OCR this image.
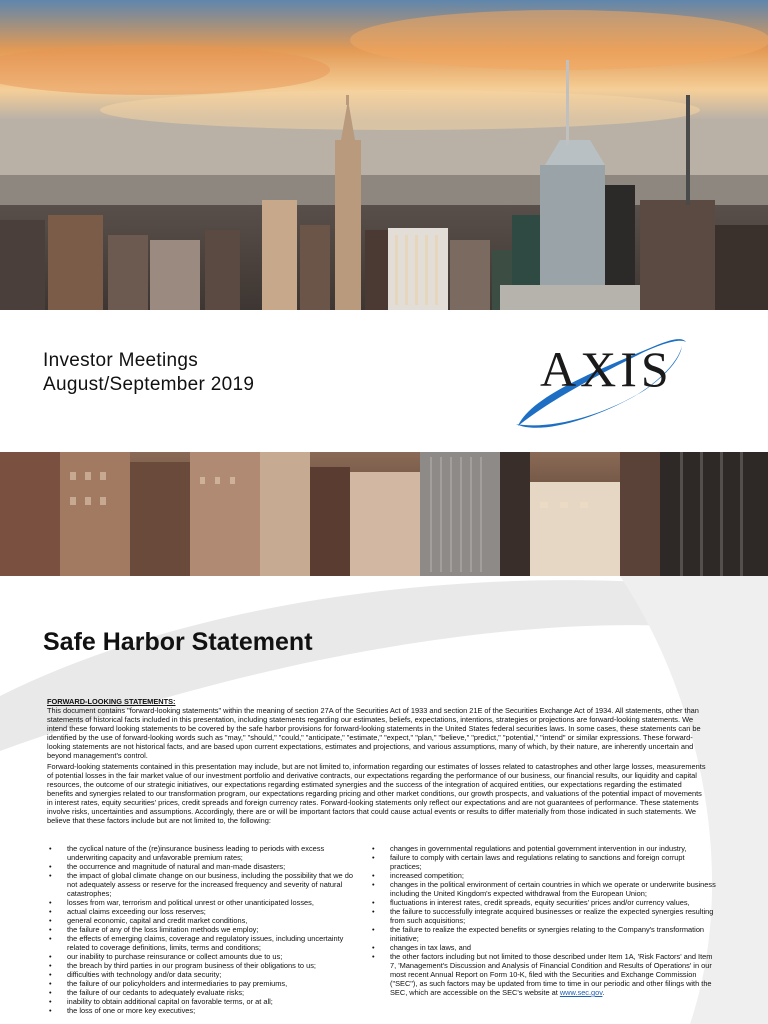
Investor Meetings
August/September 2019	AXIS
Safe Harbor Statement
FORWARD-LOOKING STATEMENTS:

This document contains "forward-looking statements" within the meaning of section 27A of the Securities Act of 1933 and section 21E of the Securities Exchange Act of 1934. All statements, other than statements of historical facts included in this presentation, including statements regarding our estimates, beliefs, expectations, intentions, strategies or projections are forward-looking statements. We intend these forward looking statements to be covered by the safe harbor provisions for forward-looking statements in the United States federal securities laws. In some cases, these statements can be identified by the use of forward-looking words such as "may," "should," "could," "anticipate," "estimate," "expect," "plan," "believe," "predict," "potential," "intend" or similar expressions. These forward-looking statements are not historical facts, and are based upon current expectations, estimates and projections, and various assumptions, many of which, by their nature, are inherently uncertain and beyond management's control.

Forward-looking statements contained in this presentation may include, but are not limited to, information regarding our estimates of losses related to catastrophes and other large losses, measurements of potential losses in the fair market value of our investment portfolio and derivative contracts, our expectations regarding the performance of our business, our financial results, our liquidity and capital resources, the outcome of our strategic initiatives, our expectations regarding estimated synergies and the success of the integration of acquired entities, our expectations regarding the estimated benefits and synergies related to our transformation program, our expectations regarding pricing and other market conditions, our growth prospects, and valuations of the potential impact of movements in interest rates, equity securities' prices, credit spreads and foreign currency rates. Forward-looking statements only reflect our expectations and are not guarantees of performance. These statements involve risks, uncertainties and assumptions. Accordingly, there are or will be important factors that could cause actual events or results to differ materially from those indicated in such statements. We believe that these factors include but are not limited to, the following:

• the cyclical nature of the (re)insurance business leading to periods with excess underwriting capacity and unfavorable premium rates;
• the occurrence and magnitude of natural and man-made disasters;
• the impact of global climate change on our business, including the possibility that we do not adequately assess or reserve for the increased frequency and severity of natural catastrophes;
• losses from war, terrorism and political unrest or other unanticipated losses,
• actual claims exceeding our loss reserves;
• general economic, capital and credit market conditions,
• the failure of any of the loss limitation methods we employ;
• the effects of emerging claims, coverage and regulatory issues, including uncertainty related to coverage definitions, limits, terms and conditions;
• our inability to purchase reinsurance or collect amounts due to us;
• the breach by third parties in our program business of their obligations to us;
• difficulties with technology and/or data security;
• the failure of our policyholders and intermediaries to pay premiums,
• the failure of our cedants to adequately evaluate risks;
• inability to obtain additional capital on favorable terms, or at all;
• the loss of one or more key executives;
• changes in governmental regulations and potential government intervention in our industry,
• failure to comply with certain laws and regulations relating to sanctions and foreign corrupt practices;
• increased competition;
• changes in the political environment of certain countries in which we operate or underwrite business including the United Kingdom's expected withdrawal from the European Union;
• fluctuations in interest rates, credit spreads, equity securities' prices and/or currency values,
• the failure to successfully integrate acquired businesses or realize the expected synergies resulting from such acquisitions;
• the failure to realize the expected benefits or synergies relating to the Company's transformation initiative;
• changes in tax laws, and
• the other factors including but not limited to those described under Item 1A, 'Risk Factors' and Item 7, 'Management's Discussion and Analysis of Financial Condition and Results of Operations' in our most recent Annual Report on Form 10-K, filed with the Securities and Exchange Commission ("SEC"), as such factors may be updated from time to time in our periodic and other filings with the SEC, which are accessible on the SEC's website at www.sec.gov.
